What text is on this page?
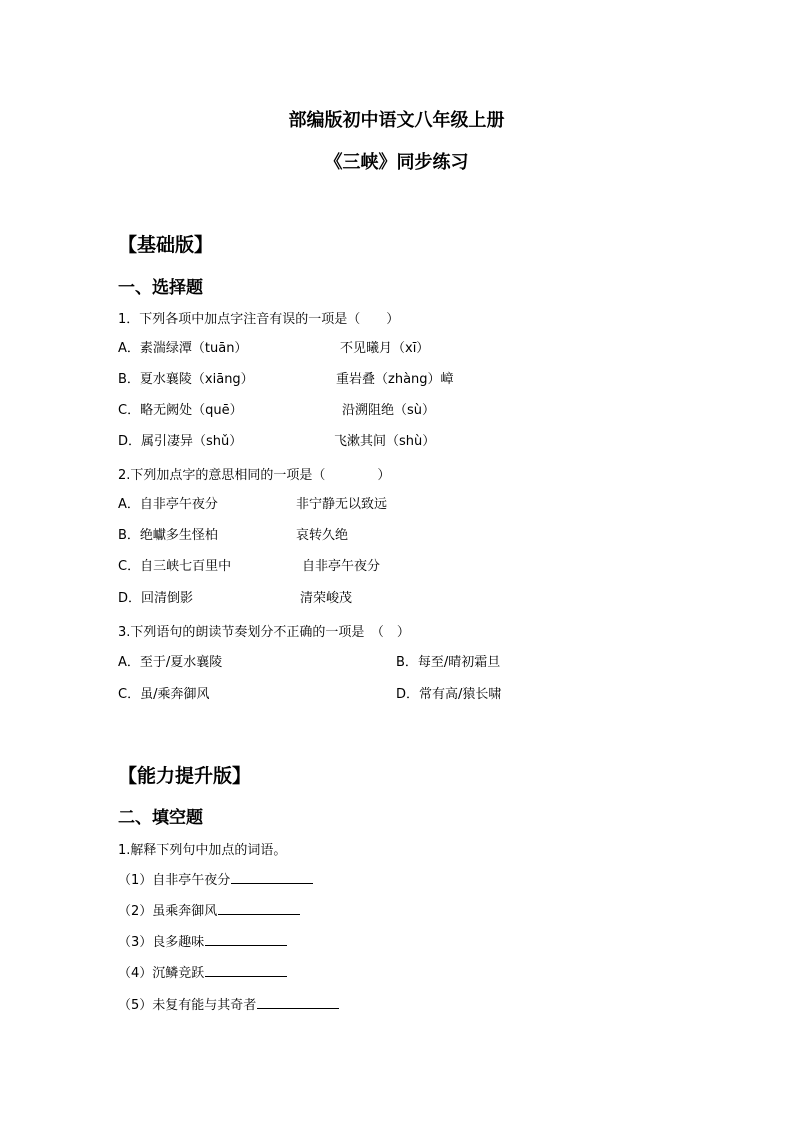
部编版初中语文八年级上册
《三峡》同步练习
【基础版】
一、选择题
1．下列各项中加点字注音有误的一项是（　　）
A．素湍绿潭（tuān）	不见曦月（xī）
B．夏水襄陵（xiāng）	重岩叠（zhàng）嶂
C．略无阙处（quē）	沿溯阻绝（sù）
D．属引凄异（shǔ）	飞漱其间（shù）
2.下列加点字的意思相同的一项是（　　　　）
A．自非亭午夜分	非宁静无以致远
B．绝巘多生怪柏	哀转久绝
C．自三峡七百里中	自非亭午夜分
D．回清倒影	清荣峻茂
3.下列语句的朗读节奏划分不正确的一项是　（　）
A．至于/夏水襄陵	B．每至/晴初霜旦
C．虽/乘奔御风	D．常有高/猿长啸
【能力提升版】
二、填空题
1.解释下列句中加点的词语。
（1）自非亭午夜分
（2）虽乘奔御风
（3）良多趣味
（4）沉鳞竞跃
（5）未复有能与其奇者
